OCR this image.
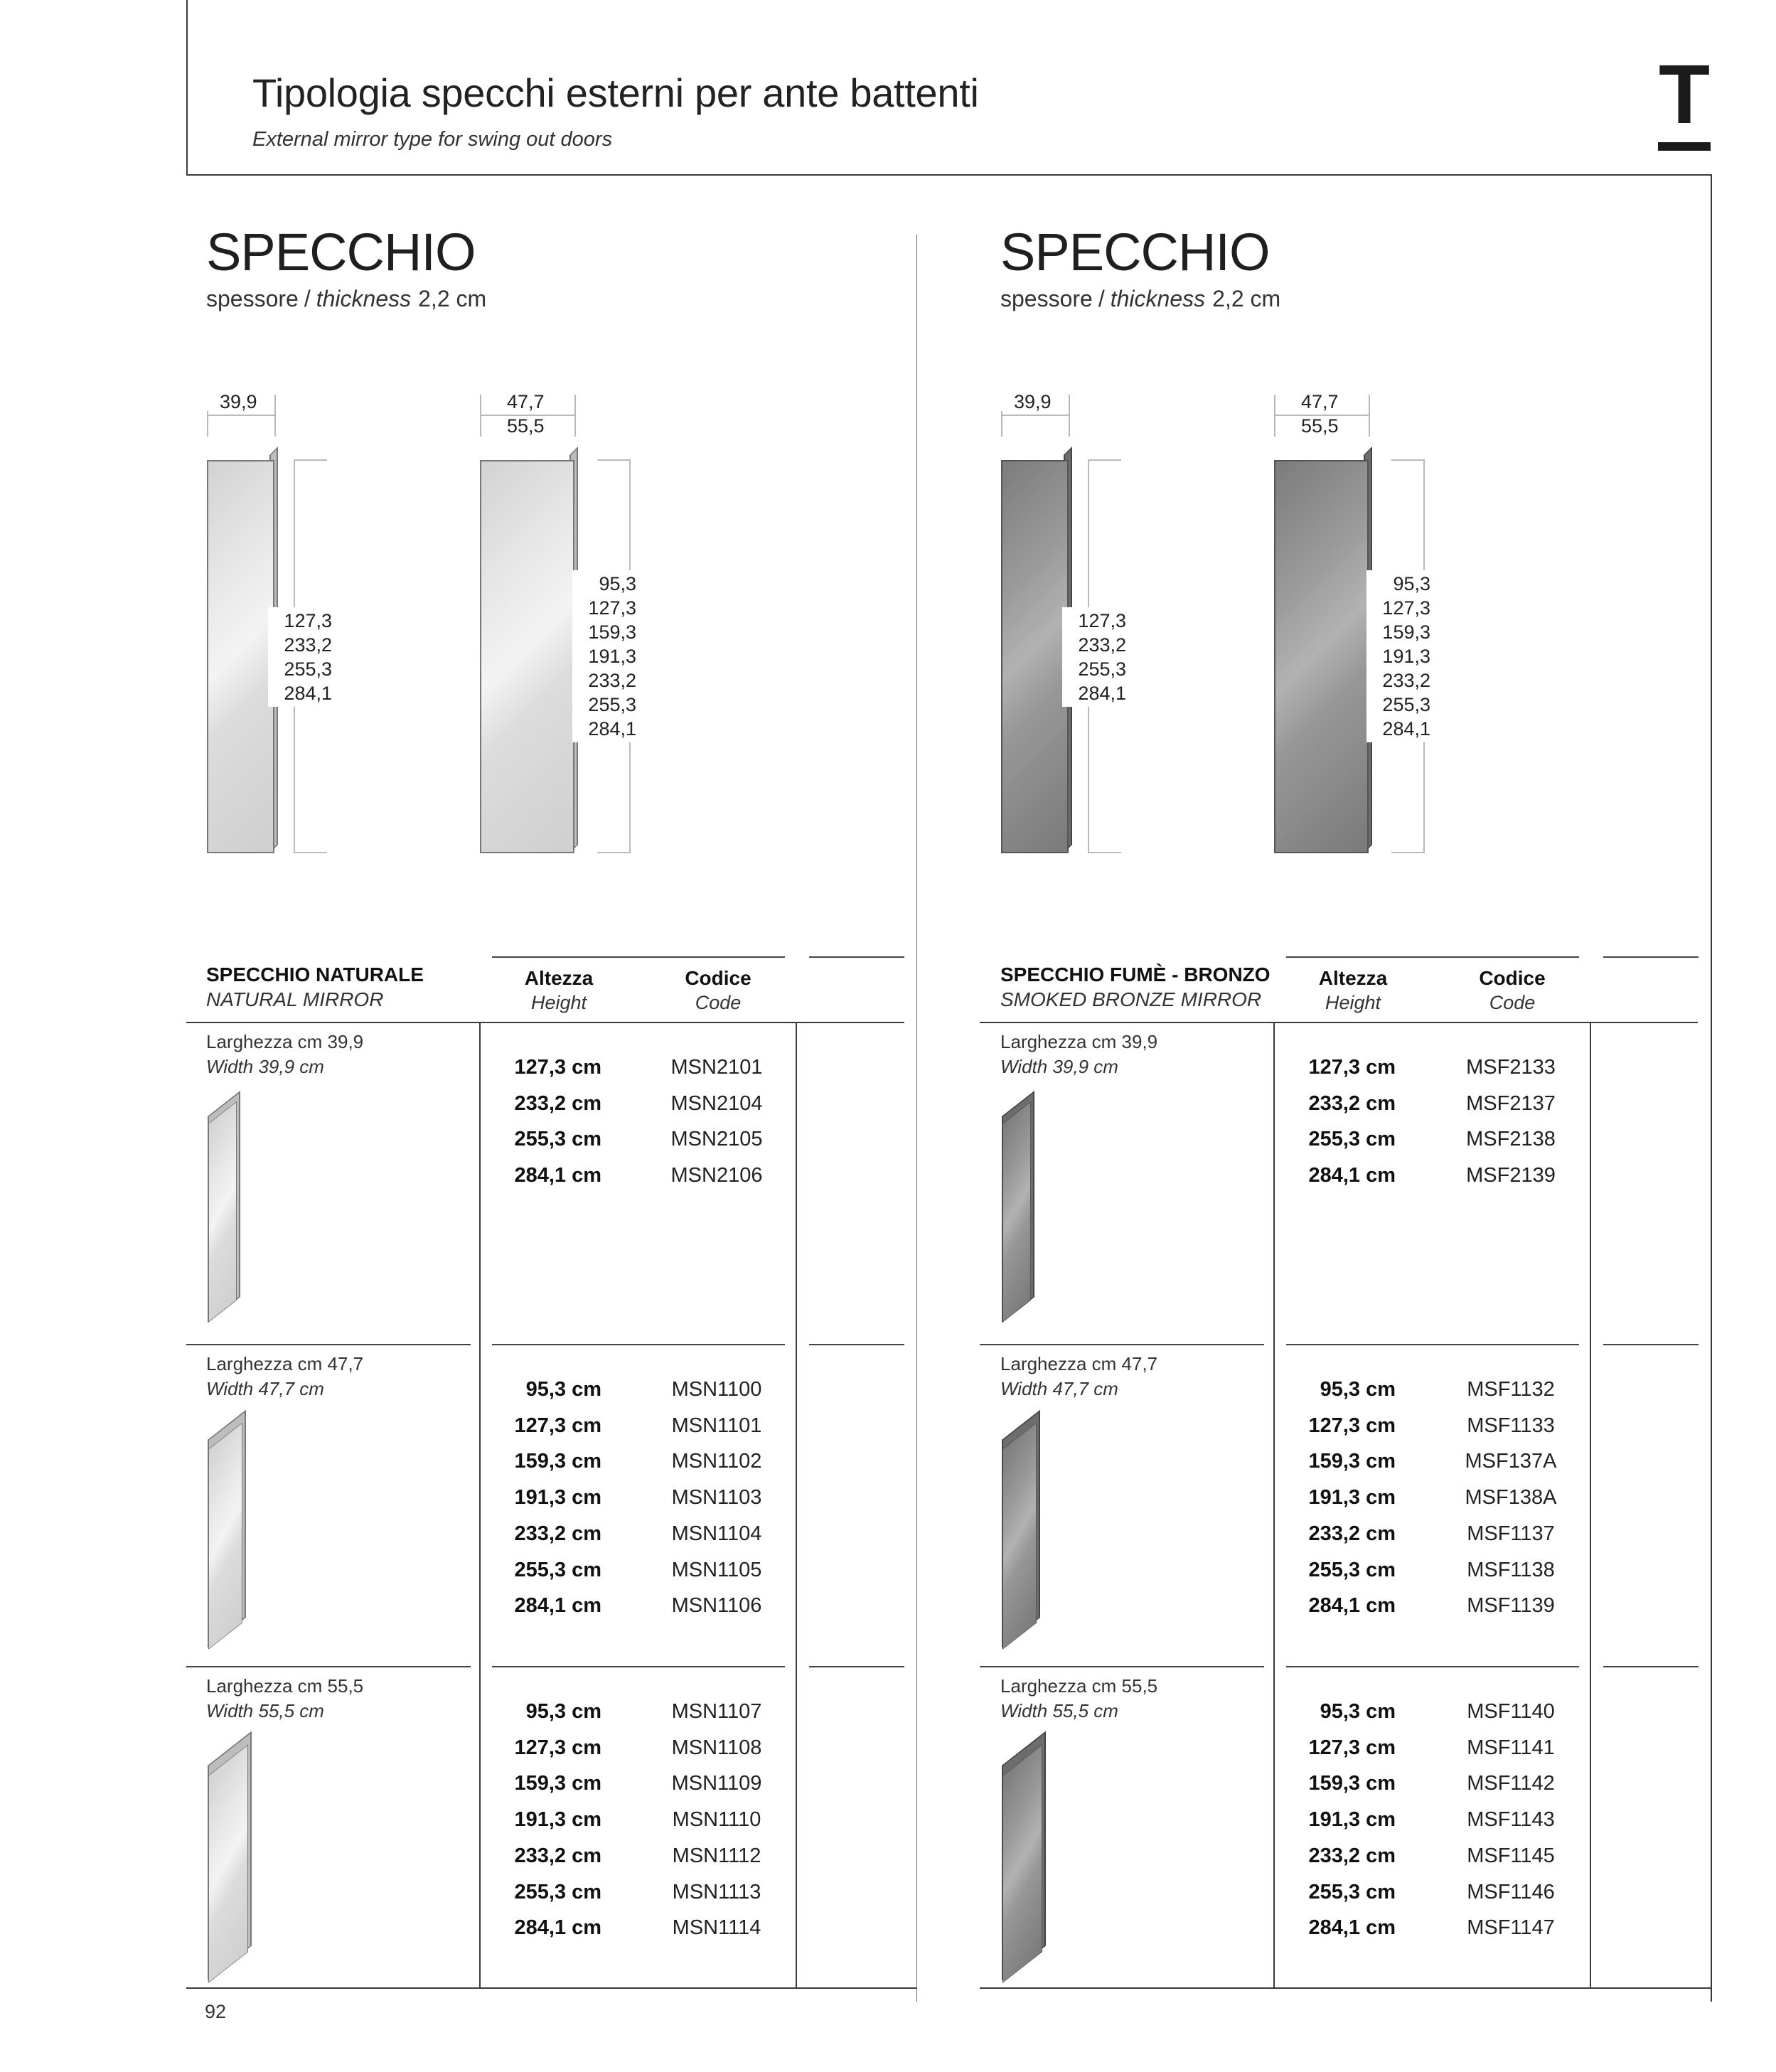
Tipologia specchi esterni per ante battenti
External mirror type for swing out doors	T
92
SPECCHIO
spessore / thickness 2,2 cm
39,9
127,3
233,2
255,3
284,1
47,7
55,5
95,3
127,3
159,3
191,3
233,2
255,3
284,1
SPECCHIO NATURALE
NATURAL MIRROR
Altezza
Height
Codice
Code
Larghezza cm 39,9
Width 39,9 cm	127,3 cm	MSN2101
233,2 cm	MSN2104
255,3 cm	MSN2105
284,1 cm	MSN2106
Larghezza cm 47,7
Width 47,7 cm	95,3 cm	MSN1100
127,3 cm	MSN1101
159,3 cm	MSN1102
191,3 cm	MSN1103
233,2 cm	MSN1104
255,3 cm	MSN1105
284,1 cm	MSN1106
Larghezza cm 55,5
Width 55,5 cm	95,3 cm	MSN1107
127,3 cm	MSN1108
159,3 cm	MSN1109
191,3 cm	MSN1110
233,2 cm	MSN1112
255,3 cm	MSN1113
284,1 cm	MSN1114
SPECCHIO
spessore / thickness 2,2 cm
39,9
127,3
233,2
255,3
284,1
47,7
55,5
95,3
127,3
159,3
191,3
233,2
255,3
284,1
SPECCHIO FUMÈ - BRONZO
SMOKED BRONZE MIRROR
Altezza
Height
Codice
Code
Larghezza cm 39,9
Width 39,9 cm	127,3 cm	MSF2133
233,2 cm	MSF2137
255,3 cm	MSF2138
284,1 cm	MSF2139
Larghezza cm 47,7
Width 47,7 cm	95,3 cm	MSF1132
127,3 cm	MSF1133
159,3 cm	MSF137A
191,3 cm	MSF138A
233,2 cm	MSF1137
255,3 cm	MSF1138
284,1 cm	MSF1139
Larghezza cm 55,5
Width 55,5 cm	95,3 cm	MSF1140
127,3 cm	MSF1141
159,3 cm	MSF1142
191,3 cm	MSF1143
233,2 cm	MSF1145
255,3 cm	MSF1146
284,1 cm	MSF1147
